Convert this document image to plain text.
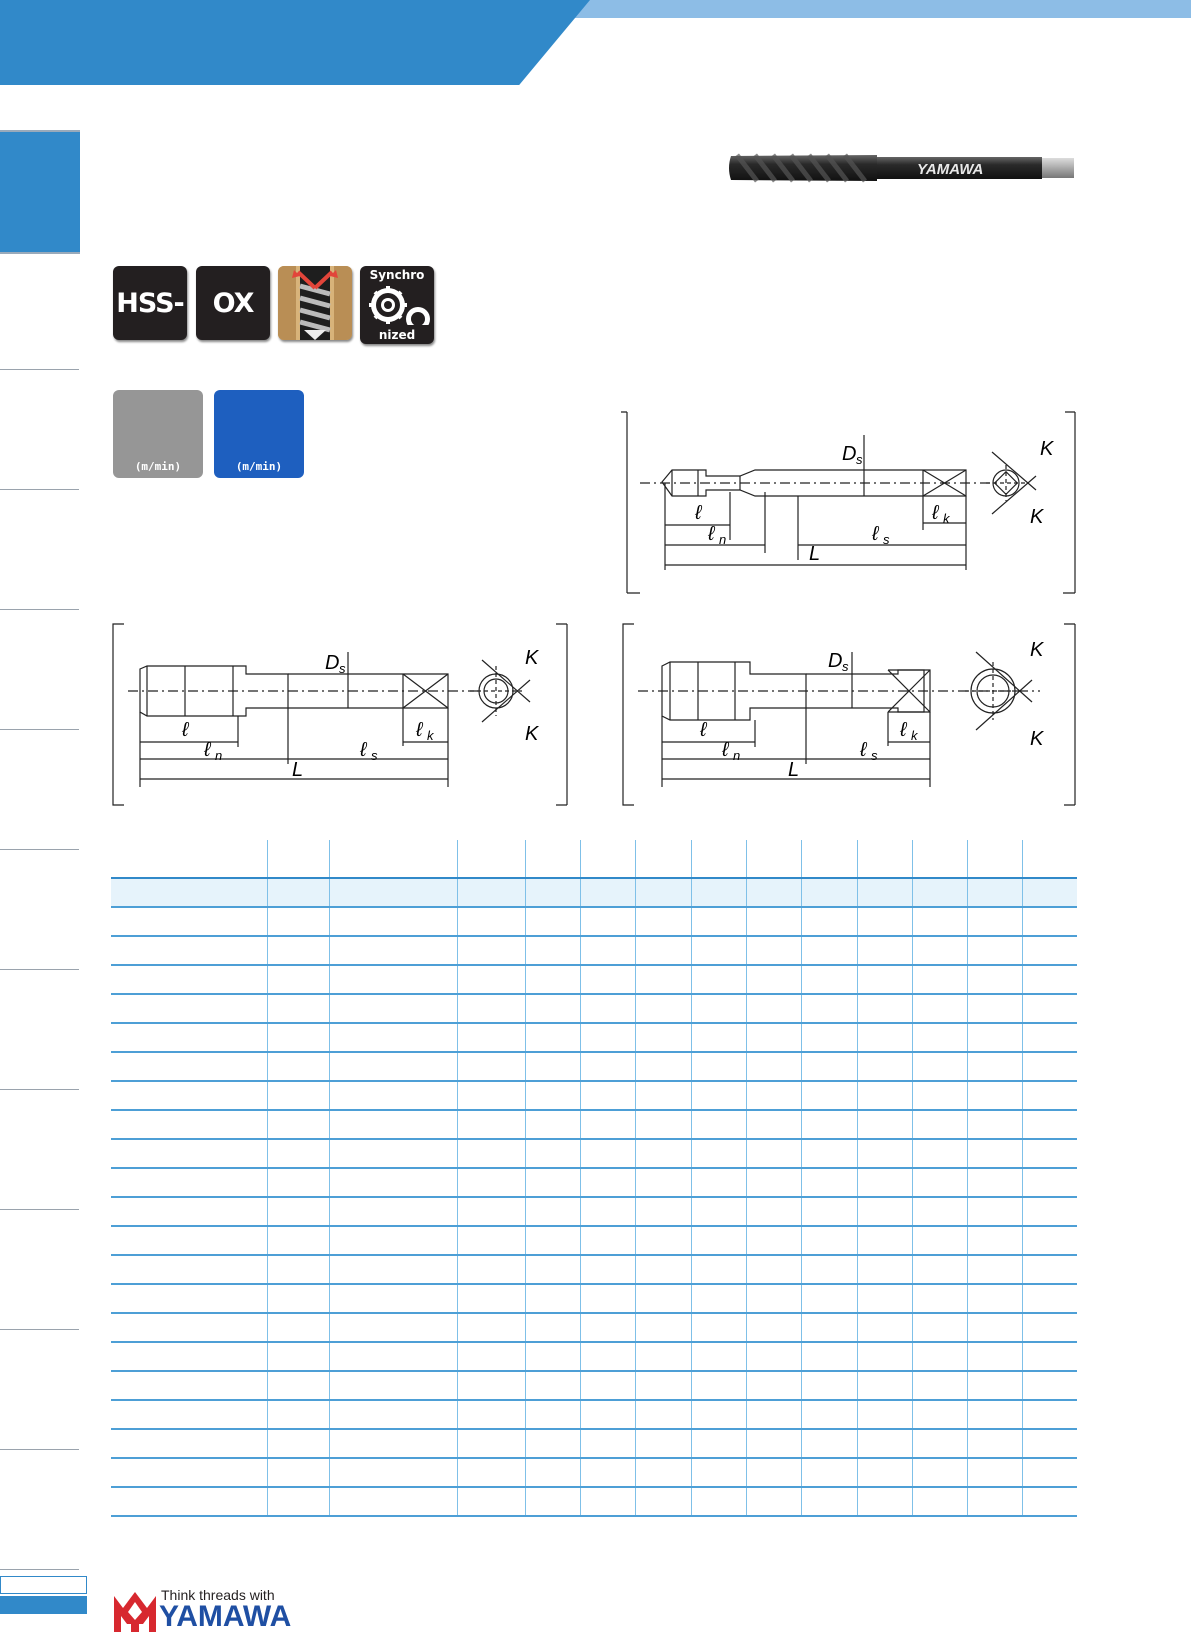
YAMAWA
HSS- OX
Synchro
nized
(m/min)	(m/min)
D s	K
K
ℓ
ℓ n	ℓ s
ℓ k
L
D s	K
K
ℓ
ℓ n	ℓ s
ℓ k
L
D s
K
K
ℓ
ℓ n	ℓ s
ℓ k
L

Think threads with
YAMAWA
